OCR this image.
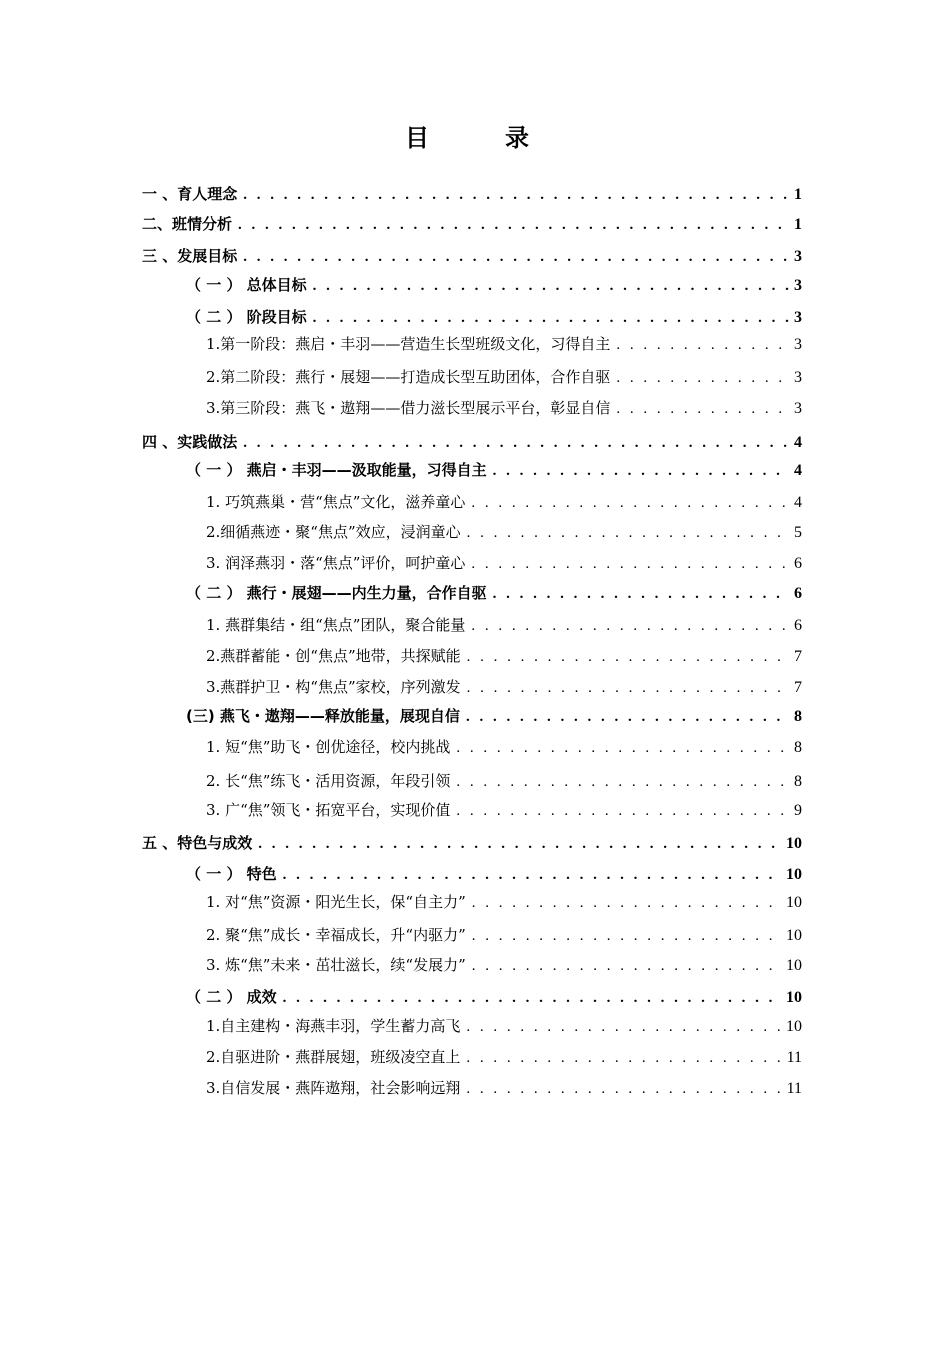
目　录
一 、育人理念 . . .	1
二、班情分析 . . .	1
三 、发展目标 . . .	3
（ 一 ） 总体目标 . . .	3
（ 二 ） 阶段目标 . . .	3
1.第一阶段：燕启・丰羽——营造生长型班级文化，习得自主 . . .	3
2.第二阶段：燕行・展翅——打造成长型互助团体，合作自驱 . . .	3
3.第三阶段：燕飞・遨翔——借力滋长型展示平台，彰显自信 . . .	3
四 、实践做法 . . .	4
（ 一 ） 燕启・丰羽——汲取能量，习得自主 . . .	4
1. 巧筑燕巢・营“焦点”文化，滋养童心 . . .	4
2.细循燕迹・聚“焦点”效应，浸润童心 . . .	5
3. 润泽燕羽・落“焦点”评价，呵护童心 . . .	6
（ 二 ） 燕行・展翅——内生力量，合作自驱 . . .	6
1. 燕群集结・组“焦点”团队，聚合能量 . . .	6
2.燕群蓄能・创“焦点”地带，共探赋能 . . .	7
3.燕群护卫・构“焦点”家校，序列激发 . . .	7
(三) 燕飞・遨翔——释放能量，展现自信 . . .	8
1. 短“焦”助飞・创优途径，校内挑战 . . .	8
2. 长“焦”练飞・活用资源，年段引领 . . .	8
3. 广“焦”领飞・拓宽平台，实现价值 . . .	9
五 、特色与成效 . . .	10
（ 一 ） 特色 . . .	10
1. 对“焦”资源・阳光生长，保“自主力” . . .	10
2. 聚“焦”成长・幸福成长，升“内驱力” . . .	10
3. 炼“焦”未来・茁壮滋长，续“发展力” . . .	10
（ 二 ） 成效 . . .	10
1.自主建构・海燕丰羽，学生蓄力高飞 . . .	10
2.自驱进阶・燕群展翅，班级凌空直上 . . .	11
3.自信发展・燕阵遨翔，社会影响远翔 . . .	11
